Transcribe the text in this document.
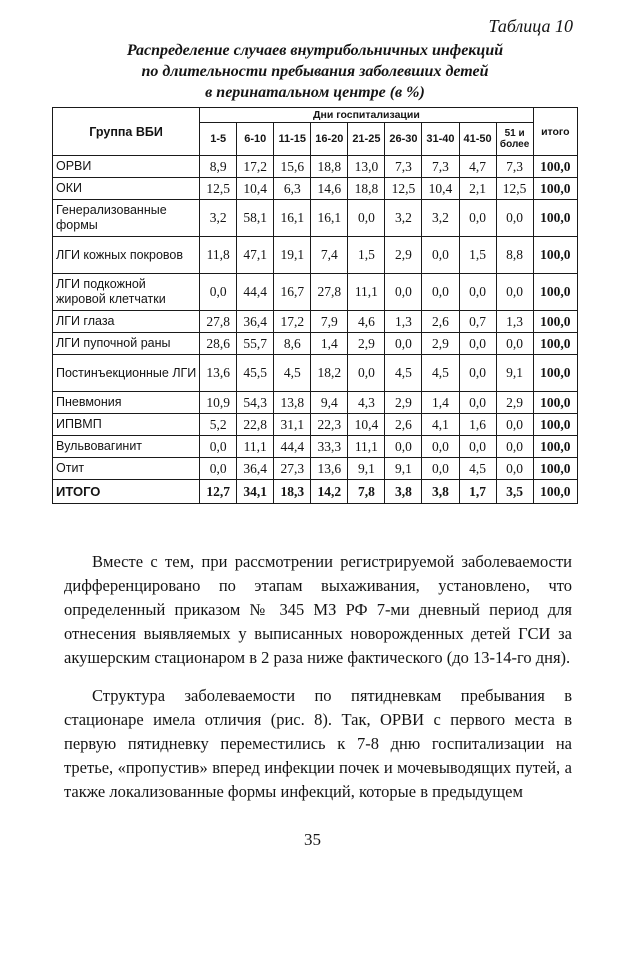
Таблица 10
Распределение случаев внутрибольничных инфекций
по длительности пребывания заболевших детей
в перинатальном центре (в %)
Группа ВБИ	Дни госпитализации									итого
	1-5	6-10	11-15	16-20	21-25	26-30	31-40	41-50	51 и
более	

ОРВИ	8,9	17,2	15,6	18,8	13,0	7,3	7,3	4,7	7,3	100,0
ОКИ	12,5	10,4	6,3	14,6	18,8	12,5	10,4	2,1	12,5	100,0
Генерализованные формы	3,2	58,1	16,1	16,1	0,0	3,2	3,2	0,0	0,0	100,0
ЛГИ кожных покровов	11,8	47,1	19,1	7,4	1,5	2,9	0,0	1,5	8,8	100,0
ЛГИ подкожной жировой клетчатки	0,0	44,4	16,7	27,8	11,1	0,0	0,0	0,0	0,0	100,0
ЛГИ глаза	27,8	36,4	17,2	7,9	4,6	1,3	2,6	0,7	1,3	100,0
ЛГИ пупочной раны	28,6	55,7	8,6	1,4	2,9	0,0	2,9	0,0	0,0	100,0
Постинъекционные ЛГИ	13,6	45,5	4,5	18,2	0,0	4,5	4,5	0,0	9,1	100,0
Пневмония	10,9	54,3	13,8	9,4	4,3	2,9	1,4	0,0	2,9	100,0
ИПВМП	5,2	22,8	31,1	22,3	10,4	2,6	4,1	1,6	0,0	100,0
Вульвовагинит	0,0	11,1	44,4	33,3	11,1	0,0	0,0	0,0	0,0	100,0
Отит	0,0	36,4	27,3	13,6	9,1	9,1	0,0	4,5	0,0	100,0
ИТОГО	12,7	34,1	18,3	14,2	7,8	3,8	3,8	1,7	3,5	100,0
Вместе с тем, при рассмотрении регистрируемой заболеваемости дифференцировано по этапам выхаживания, установлено, что определенный приказом № 345 МЗ РФ 7-ми дневный период для отнесения выявляемых у выписанных новорожденных детей ГСИ за акушерским стационаром в 2 раза ниже фактического (до 13-14-го дня).
Структура заболеваемости по пятидневкам пребывания в стационаре имела отличия (рис. 8). Так, ОРВИ с первого места в первую пятидневку переместились к 7-8 дню госпитализации на третье, «пропустив» вперед инфекции почек и мочевыводящих путей, а также локализованные формы инфекций, которые в предыдущем
35
